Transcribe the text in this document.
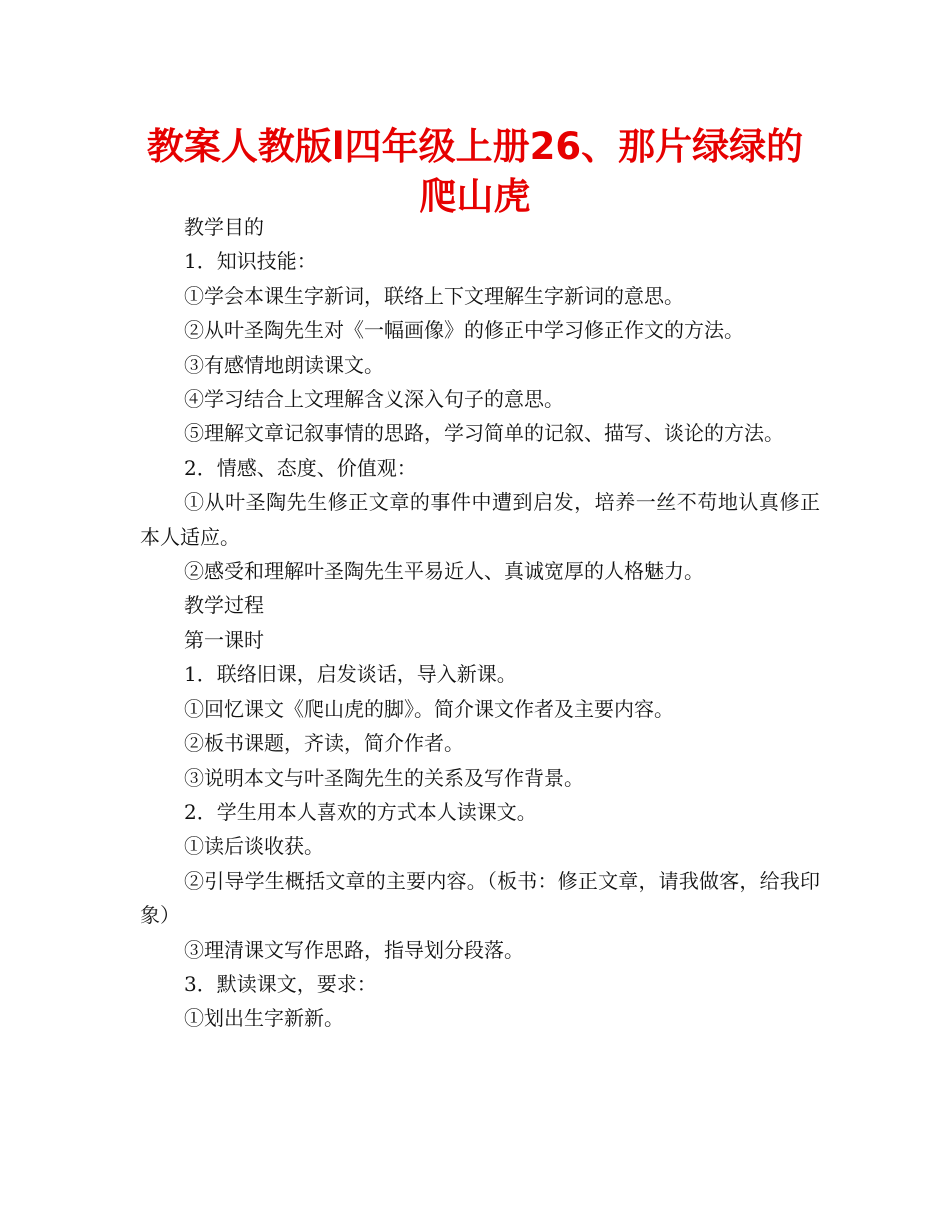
教案人教版l四年级上册26、那片绿绿的爬山虎

教学目的

1．知识技能：

①学会本课生字新词，联络上下文理解生字新词的意思。

②从叶圣陶先生对《一幅画像》的修正中学习修正作文的方法。

③有感情地朗读课文。

④学习结合上文理解含义深入句子的意思。

⑤理解文章记叙事情的思路，学习简单的记叙、描写、谈论的方法。

2．情感、态度、价值观：

①从叶圣陶先生修正文章的事件中遭到启发，培养一丝不苟地认真修正本人适应。

②感受和理解叶圣陶先生平易近人、真诚宽厚的人格魅力。

教学过程

第一课时

1．联络旧课，启发谈话，导入新课。

①回忆课文《爬山虎的脚》。简介课文作者及主要内容。

②板书课题，齐读，简介作者。

③说明本文与叶圣陶先生的关系及写作背景。

2．学生用本人喜欢的方式本人读课文。

①读后谈收获。

②引导学生概括文章的主要内容。（板书：修正文章，请我做客，给我印象）

③理清课文写作思路，指导划分段落。

3．默读课文，要求：

①划出生字新新。
